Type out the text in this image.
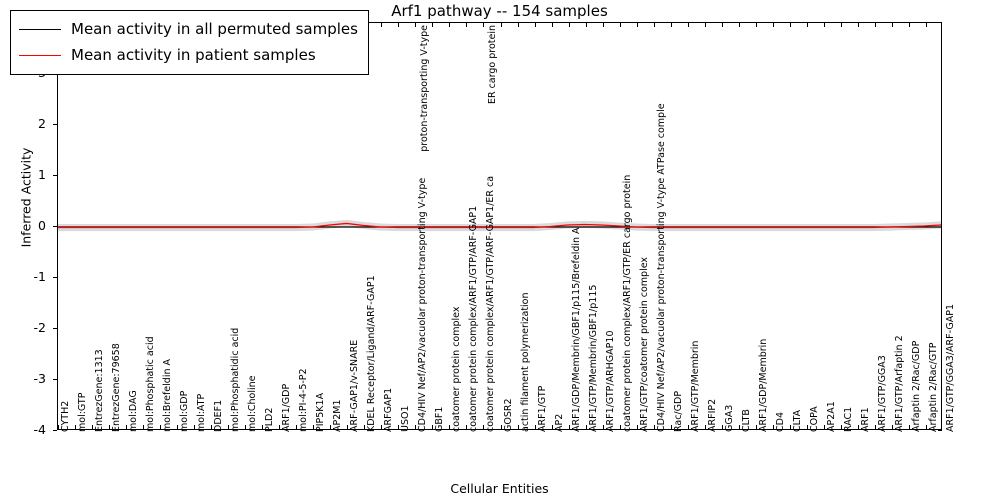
Arf1 pathway -- 154 samples
Inferred Activity
Cellular Entities
-4
-3
-2
-1
0
1
2	proton-transporting V-type	ER cargo protein
CYTH2 mol:GTP EntrezGene:1313 EntrezGene:79658 mol:DAG mol:Phosphatic acid mol:Brefeldin A mol:GDP mol:ATP DDEF1 mol:Phosphatidic acid mol:Choline PLD2 ARF1/GDP mol:PI-4-5-P2 PIP5K1A AP2M1 ARF-GAP1/v-SNARE KDEL Receptor/Ligand/ARF-GAP1 ARFGAP1 USO1 CD4/HIV Nef/AP2/vacuolar proton-transporting V-type GBF1 coatomer protein complex coatomer protein complex/ARF1/GTP/ARF-GAP1 coatomer protein complex/ARF1/GTP/ARF-GAP1/ER ca GOSR2 actin filament polymerization ARF1/GTP AP2 ARF1/GDP/Membrin/GBF1/p115/Brefeldin A ARF1/GTP/Membrin/GBF1/p115 ARF1/GTP/ARHGAP10 coatomer protein complex/ARF1/GTP/ER cargo protein ARF1/GTP/coatomer protein complex CD4/HIV Nef/AP2/vacuolar proton-transporting V-type ATPase comple Rac/GDP ARF1/GTP/Membrin ARFIP2 GGA3 CLTB ARF1/GDP/Membrin CD4 CLTA COPA AP2A1 RAC1 ARF1 ARF1/GTP/GGA3 ARF1/GTP/Arfaptin 2 Arfaptin 2/Rac/GDP Arfaptin 2/Rac/GTP ARF1/GTP/GGA3/ARF-GAP1
Mean activity in all permuted samples
Mean activity in patient samples
